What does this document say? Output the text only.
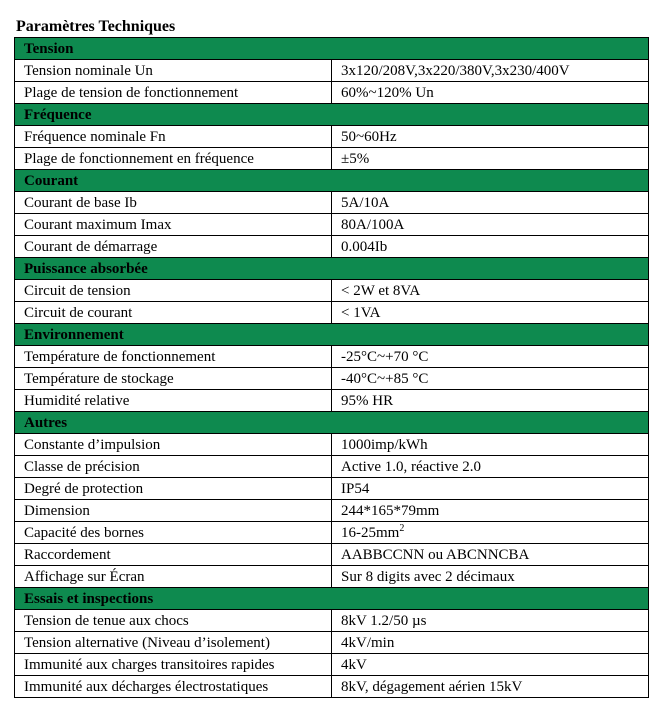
Paramètres Techniques
Tension	
Tension nominale Un	3x120/208V,3x220/380V,3x230/400V
Plage de tension de fonctionnement	60%~120% Un
Fréquence	
Fréquence nominale Fn	50~60Hz
Plage de fonctionnement en fréquence	±5%
Courant	
Courant de base Ib	5A/10A
Courant maximum Imax	80A/100A
Courant de démarrage	0.004Ib
Puissance absorbée	
Circuit de tension	< 2W et 8VA
Circuit de courant	< 1VA
Environnement	
Température de fonctionnement	-25°C~+70 °C
Température de stockage	-40°C~+85 °C
Humidité relative	95% HR
Autres	
Constante d’impulsion	1000imp/kWh
Classe de précision	Active 1.0, réactive 2.0
Degré de protection	IP54
Dimension	244*165*79mm
Capacité des bornes	$16-25mm^2$
Raccordement	AABBCCNN ou ABCNNCBA
Affichage sur Écran	Sur 8 digits avec 2 décimaux
Essais et inspections	
Tension de tenue aux chocs	8kV 1.2/50 µs
Tension alternative (Niveau d’isolement)	4kV/min
Immunité aux charges transitoires rapides	4kV
Immunité aux décharges électrostatiques	8kV, dégagement aérien 15kV
